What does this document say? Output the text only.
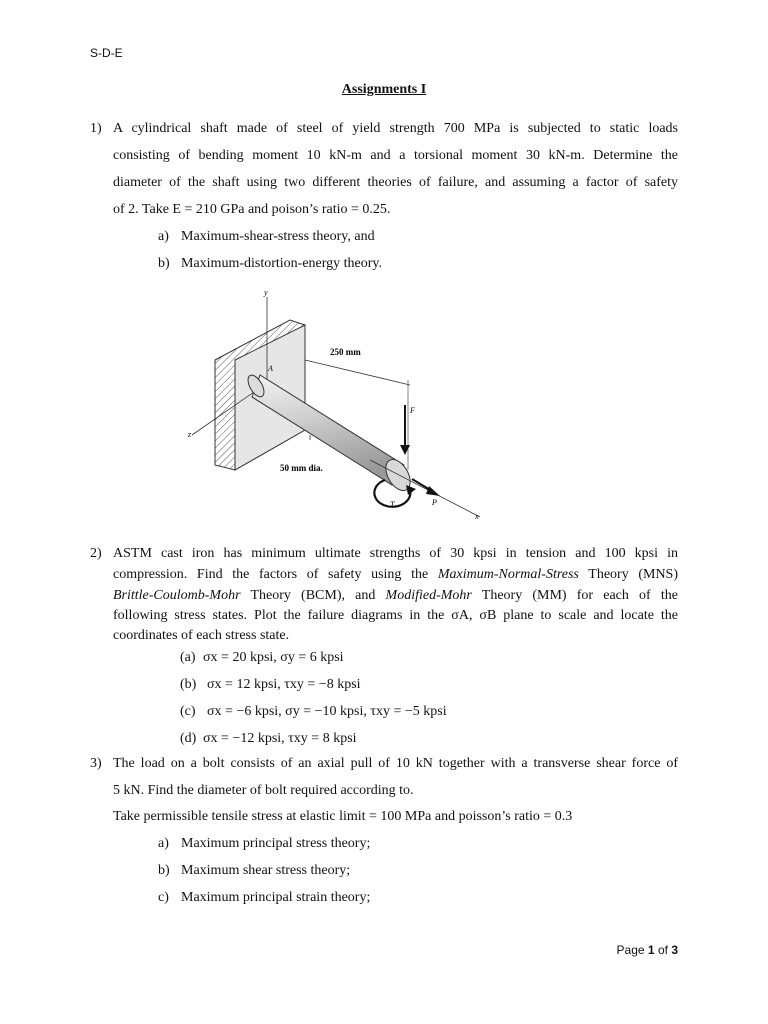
S-D-E
Assignments I
1) A cylindrical shaft made of steel of yield strength 700 MPa is subjected to static loads
consisting of bending moment 10 kN-m and a torsional moment 30 kN-m. Determine the
diameter of the shaft using two different theories of failure, and assuming a factor of safety
of 2. Take E = 210 GPa and poison’s ratio = 0.25.
a) Maximum-shear-stress theory, and
b) Maximum-distortion-energy theory.
y
z
A
x
250 mm
50 mm dia.
F
T	P
2) ASTM cast iron has minimum ultimate strengths of 30 kpsi in tension and 100 kpsi in
compression. Find the factors of safety using the Maximum-Normal-Stress Theory (MNS)
Brittle-Coulomb-Mohr Theory (BCM), and Modified-Mohr Theory (MM) for each of the
following stress states. Plot the failure diagrams in the σA, σB plane to scale and locate the
coordinates of each stress state.
(a) σx = 20 kpsi, σy = 6 kpsi
(b) σx = 12 kpsi, τxy = −8 kpsi
(c) σx = −6 kpsi, σy = −10 kpsi, τxy = −5 kpsi
(d) σx = −12 kpsi, τxy = 8 kpsi
3) The load on a bolt consists of an axial pull of 10 kN together with a transverse shear force of
5 kN. Find the diameter of bolt required according to.
Take permissible tensile stress at elastic limit = 100 MPa and poisson’s ratio = 0.3
a) Maximum principal stress theory;
b) Maximum shear stress theory;
c) Maximum principal strain theory;
Page 1 of 3
